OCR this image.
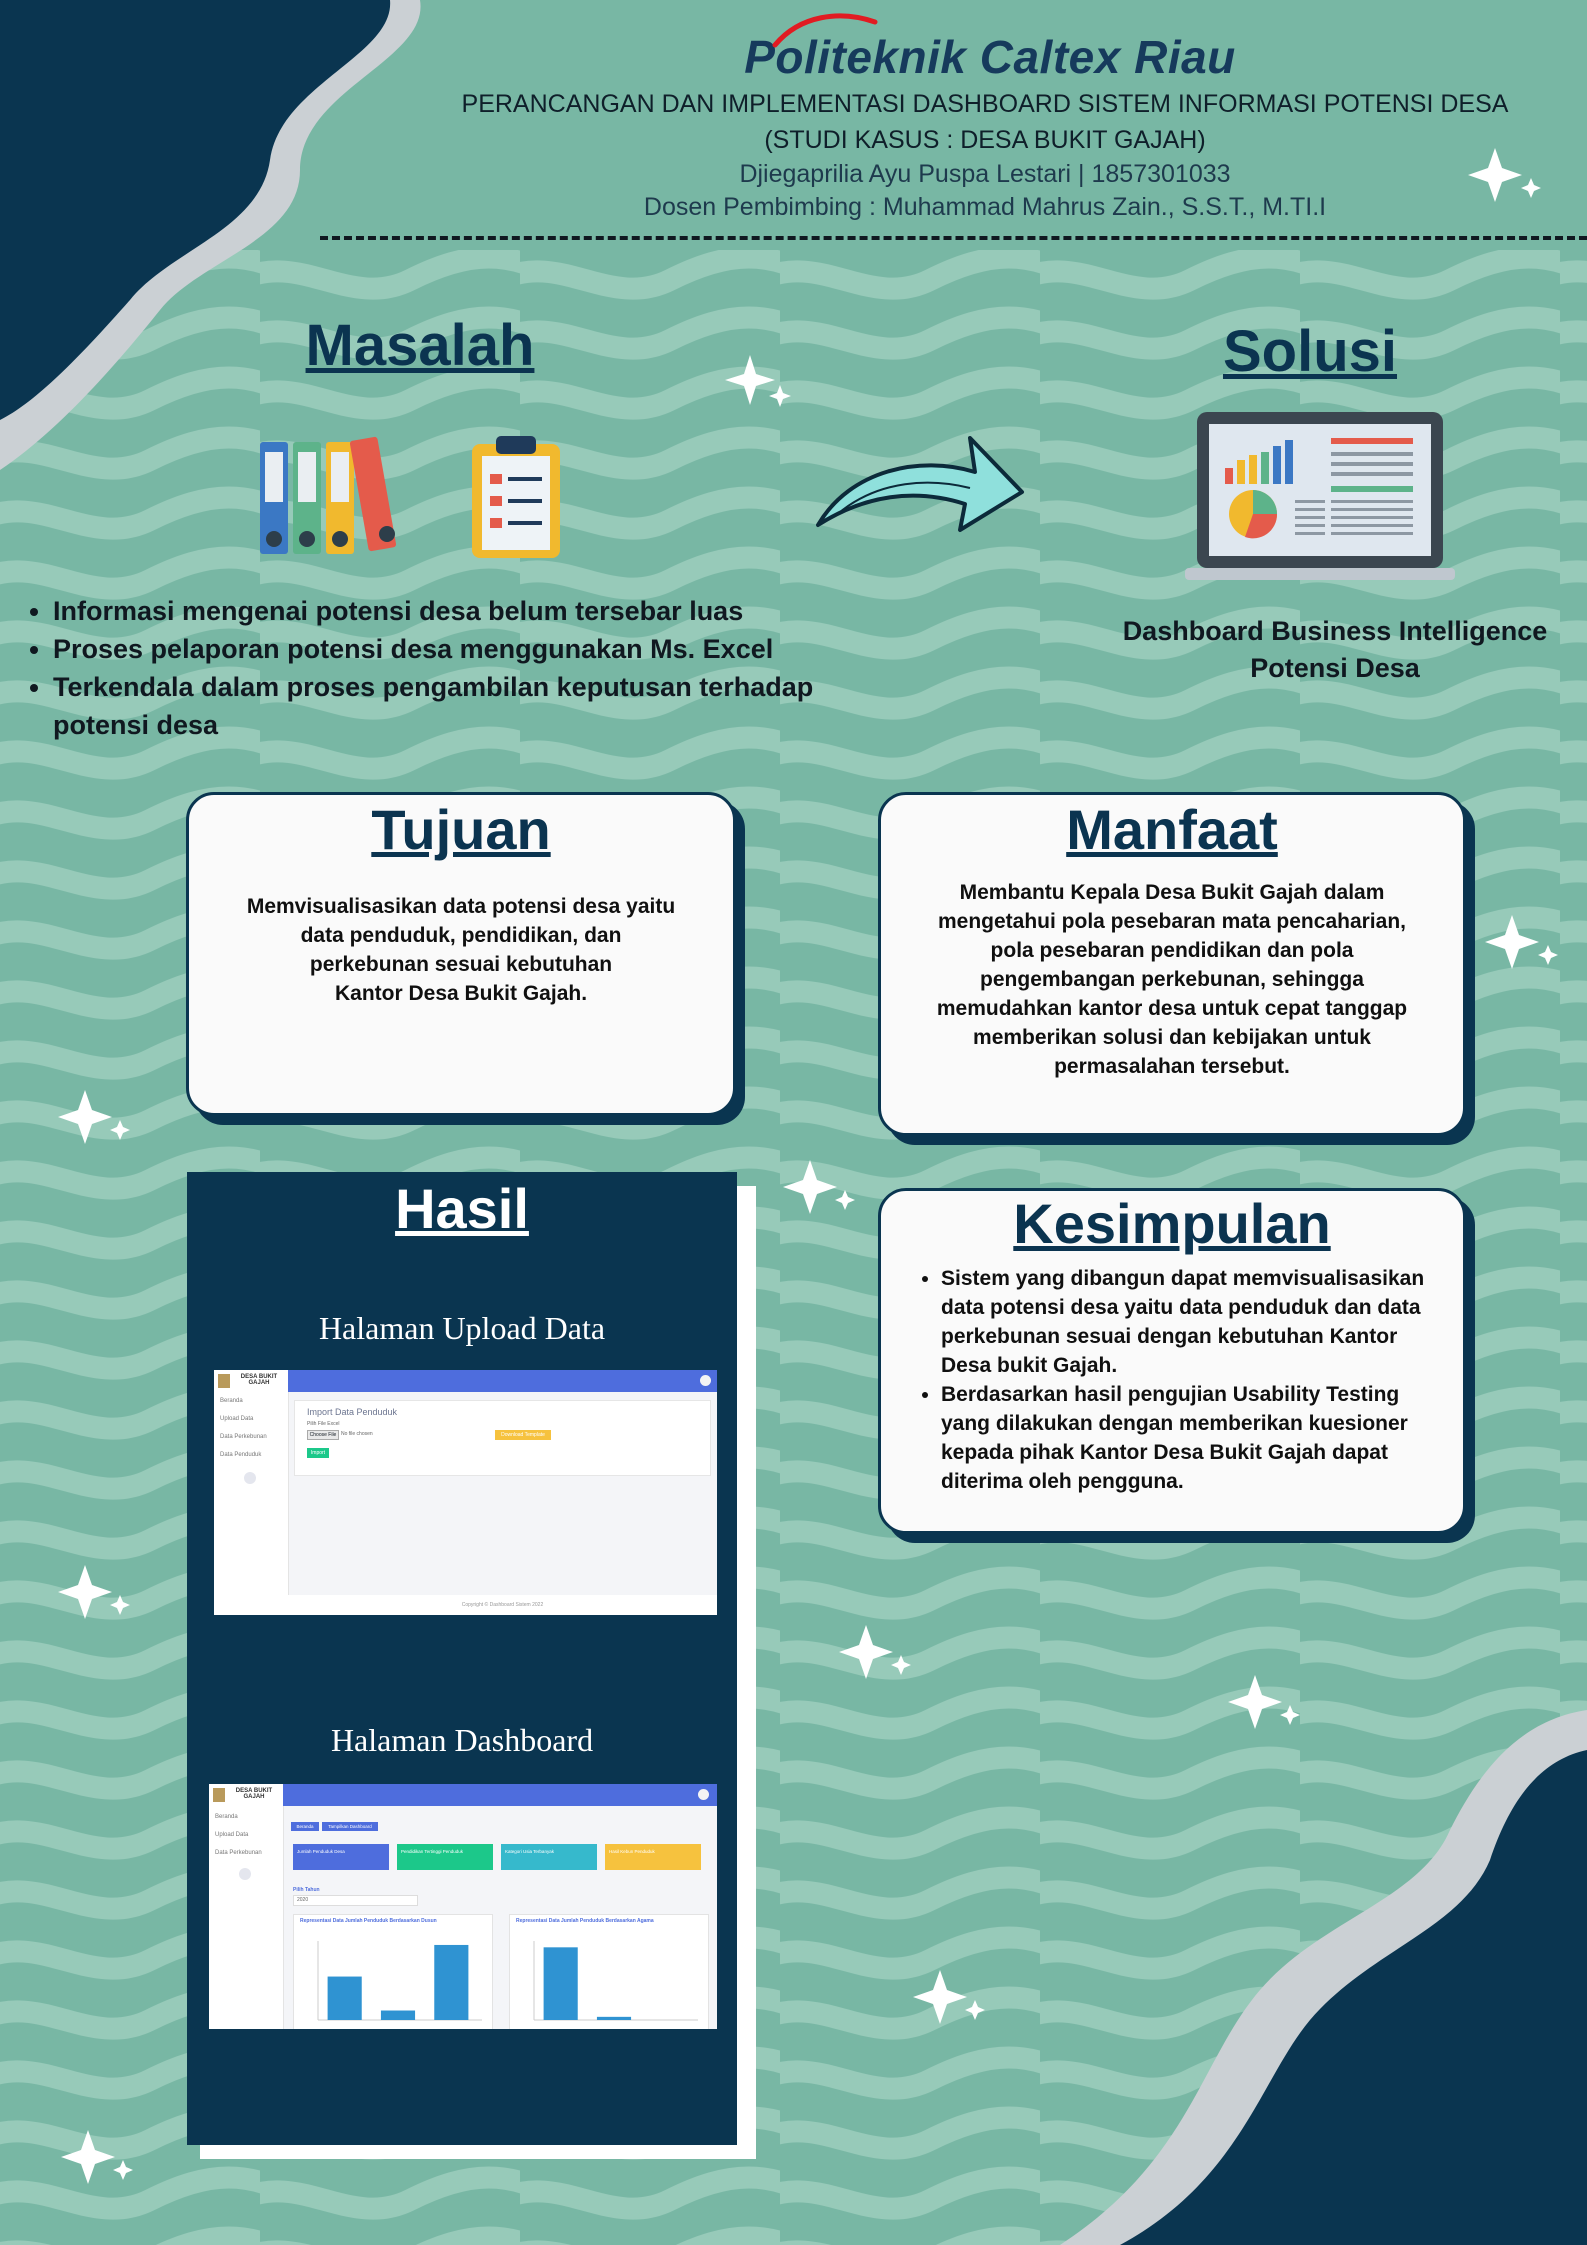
Politeknik Caltex Riau
PERANCANGAN DAN IMPLEMENTASI DASHBOARD SISTEM INFORMASI POTENSI DESA
(STUDI KASUS : DESA BUKIT GAJAH)
Djiegaprilia Ayu Puspa Lestari | 1857301033
Dosen Pembimbing : Muhammad Mahrus Zain., S.S.T., M.TI.I
Masalah
• Informasi mengenai potensi desa belum tersebar luas
• Proses pelaporan potensi desa menggunakan Ms. Excel
• Terkendala dalam proses pengambilan keputusan terhadap potensi desa
Solusi
Dashboard Business Intelligence
Potensi Desa
Tujuan
Memvisualisasikan data potensi desa yaitu
data penduduk, pendidikan, dan
perkebunan sesuai kebutuhan
Kantor Desa Bukit Gajah.
Manfaat
Membantu Kepala Desa Bukit Gajah dalam
mengetahui pola pesebaran mata pencaharian,
pola pesebaran pendidikan dan pola
pengembangan perkebunan, sehingga
memudahkan kantor desa untuk cepat tanggap
memberikan solusi dan kebijakan untuk
permasalahan tersebut.
Kesimpulan
• Sistem yang dibangun dapat memvisualisasikan data potensi desa yaitu data penduduk dan data perkebunan sesuai dengan kebutuhan Kantor Desa bukit Gajah.
• Berdasarkan hasil pengujian Usability Testing yang dilakukan dengan memberikan kuesioner kepada pihak Kantor Desa Bukit Gajah dapat diterima oleh pengguna.
Hasil
Halaman Upload Data
DESA BUKIT GAJAH
Beranda
Upload Data
Data Perkebunan
Data Penduduk
Import Data Penduduk
Pilih File Excel
Choose File No file chosen	Download Template
Import
Copyright © Dashboard Sistem 2022
Halaman Dashboard
DESA BUKIT GAJAH
Beranda
Upload Data
Data Perkebunan
Beranda	Tampilkan Dashboard
Jumlah Penduduk Desa	Pendidikan Tertinggi Penduduk	Kategori Usia Terbanyak	Hasil Kebun Penduduk
Pilih Tahun
2020
Representasi Data Jumlah Penduduk Berdasarkan Dusun	Representasi Data Jumlah Penduduk Berdasarkan Agama
